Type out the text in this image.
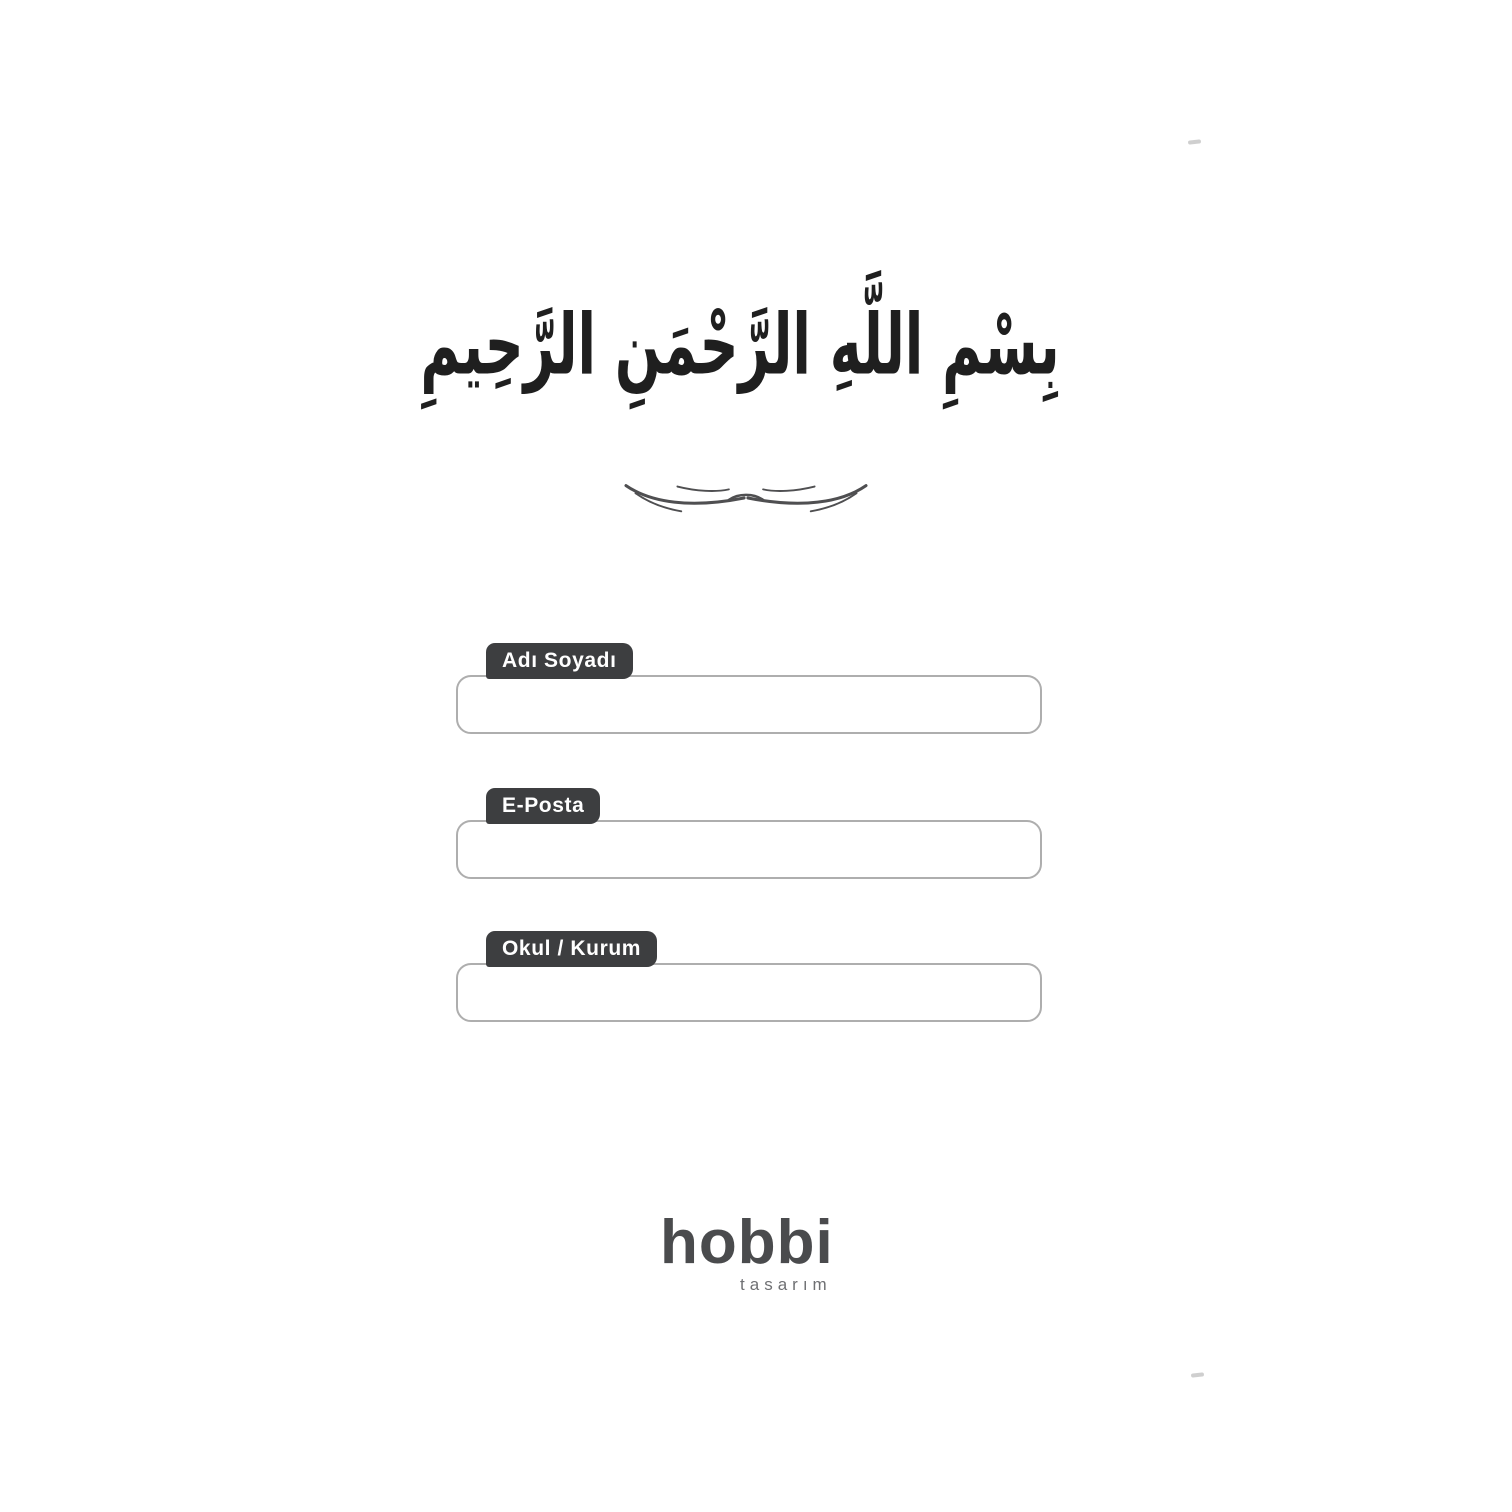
بِسْمِ اللَّهِ الرَّحْمَنِ الرَّحِيمِ
Adı Soyadı
E-Posta
Okul / Kurum
hobbi
tasarım
